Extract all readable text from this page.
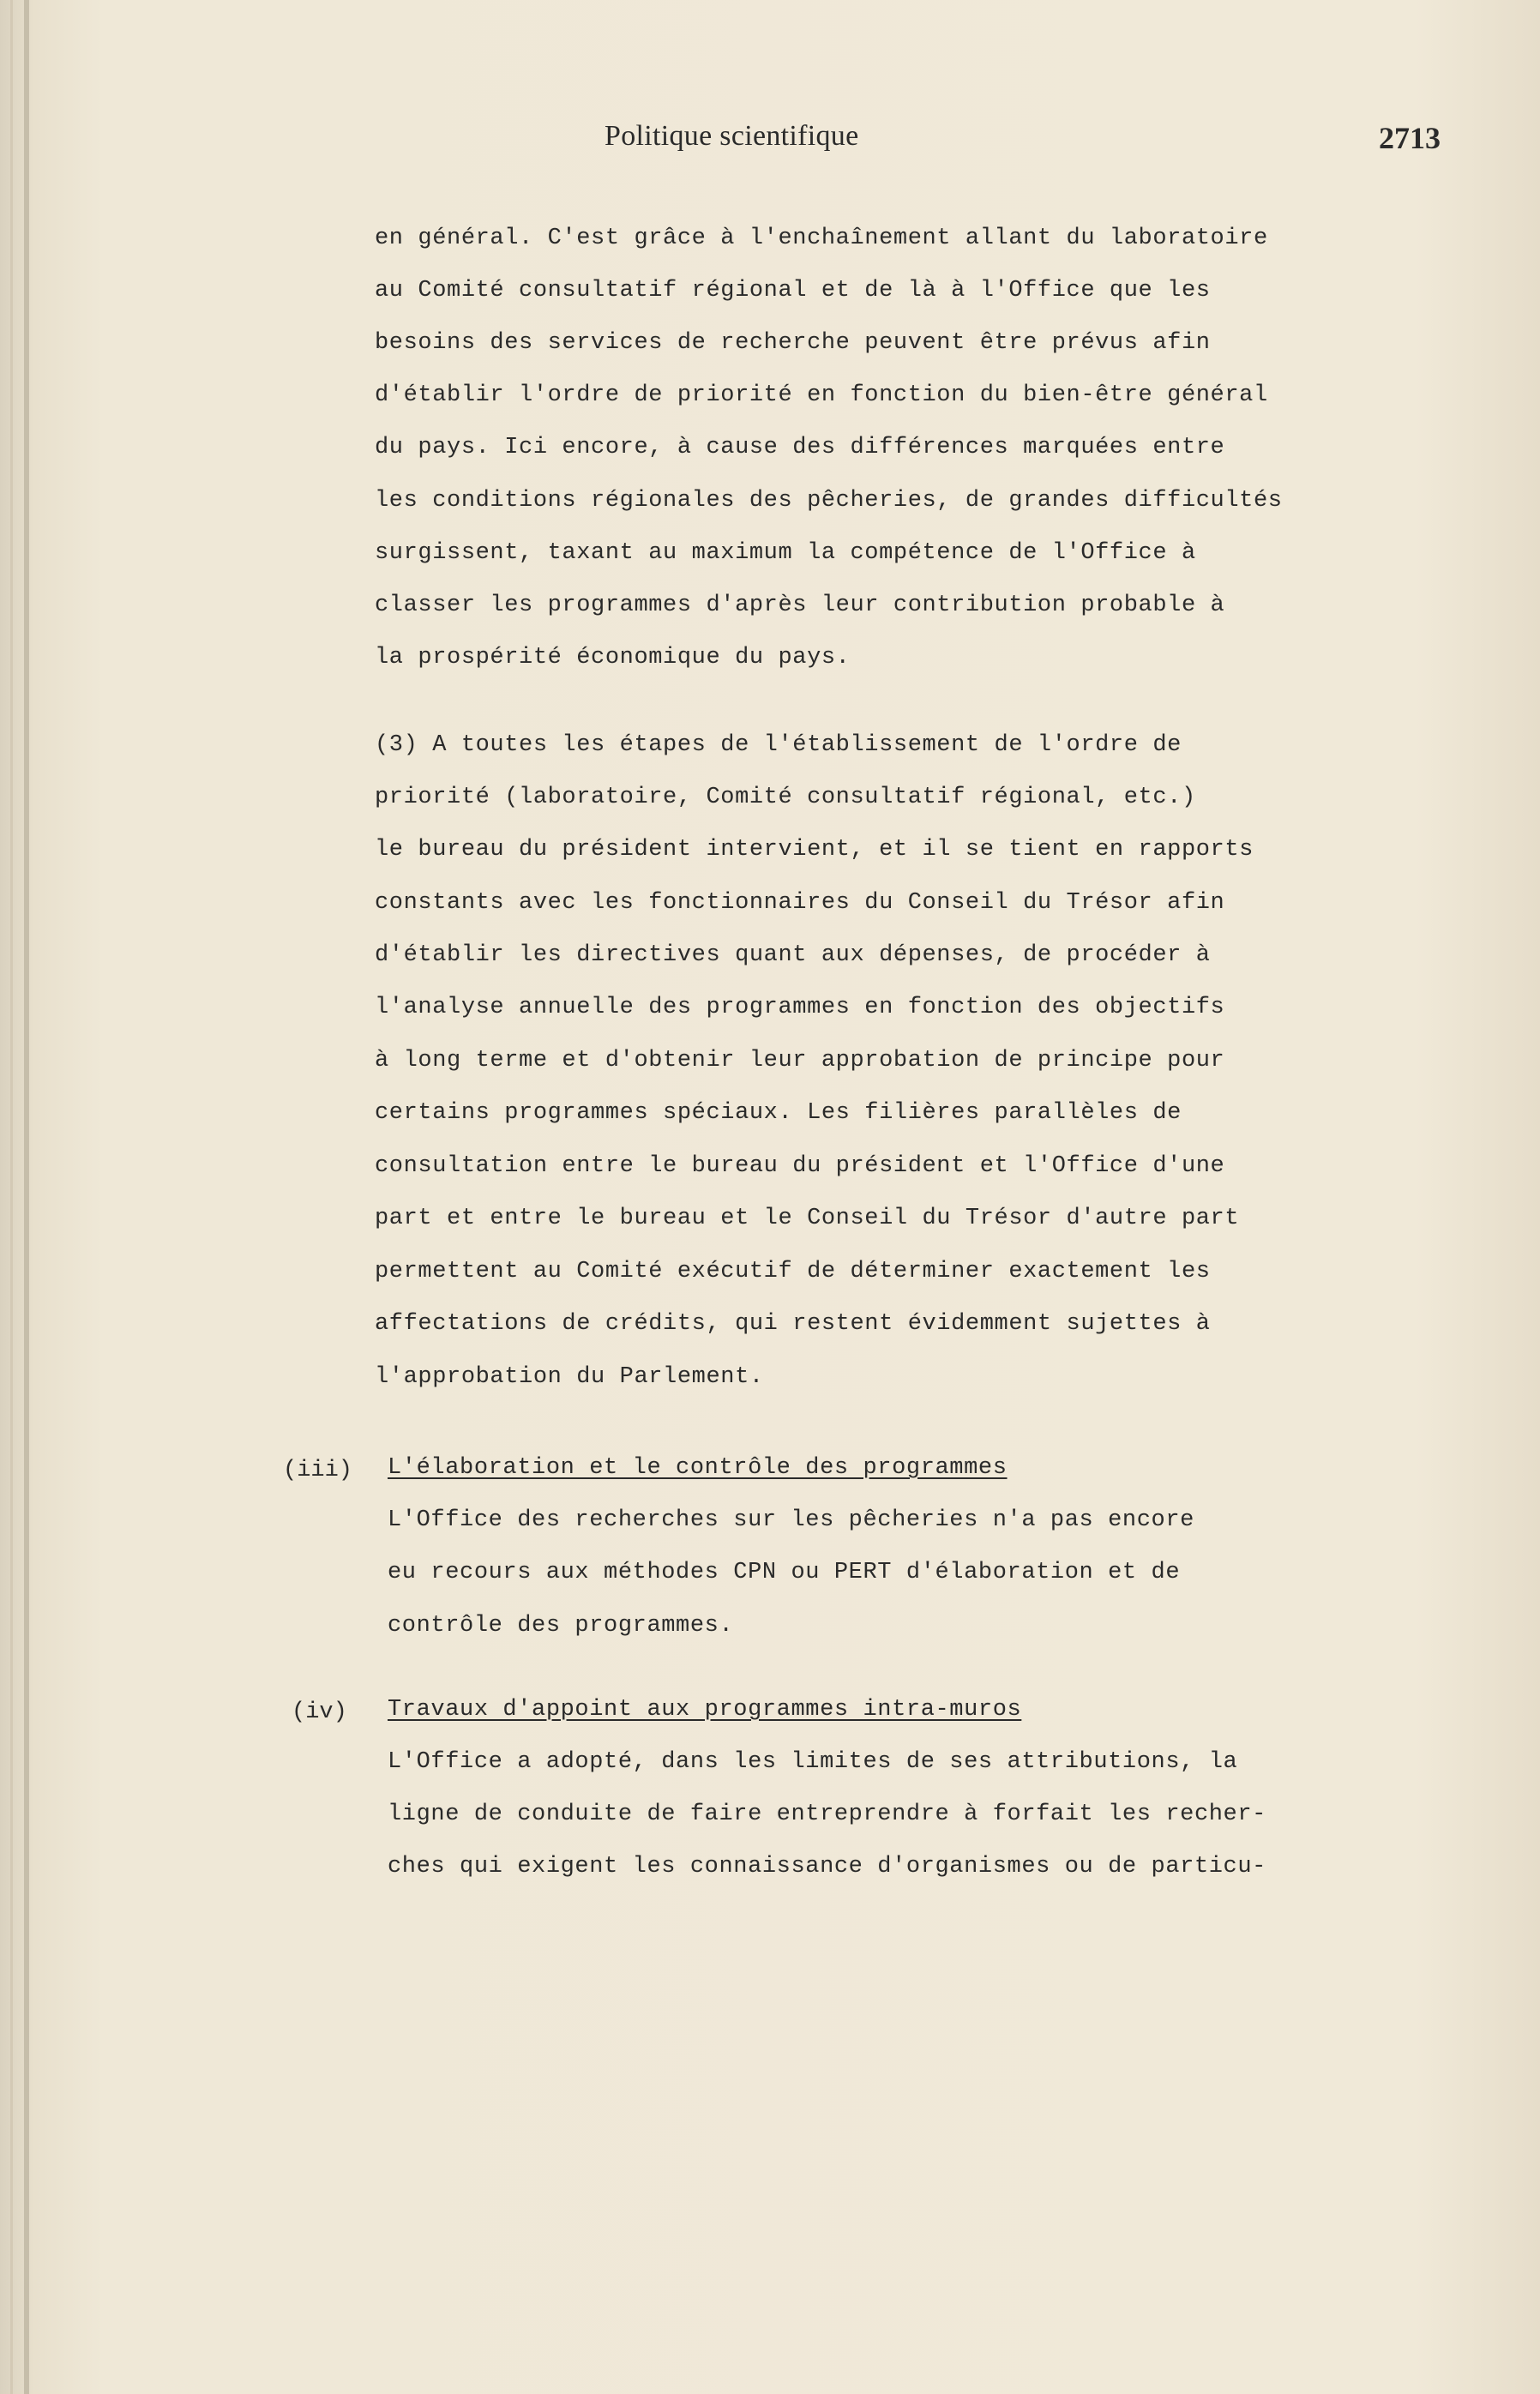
Politique scientifique	2713
en général. C'est grâce à l'enchaînement allant du laboratoire
au Comité consultatif régional et de là à l'Office que les
besoins des services de recherche peuvent être prévus afin
d'établir l'ordre de priorité en fonction du bien-être général
du pays. Ici encore, à cause des différences marquées entre
les conditions régionales des pêcheries, de grandes difficultés
surgissent, taxant au maximum la compétence de l'Office à
classer les programmes d'après leur contribution probable à
la prospérité économique du pays.
(3) A toutes les étapes de l'établissement de l'ordre de
priorité (laboratoire, Comité consultatif régional, etc.)
le bureau du président intervient, et il se tient en rapports
constants avec les fonctionnaires du Conseil du Trésor afin
d'établir les directives quant aux dépenses, de procéder à
l'analyse annuelle des programmes en fonction des objectifs
à long terme et d'obtenir leur approbation de principe pour
certains programmes spéciaux. Les filières parallèles de
consultation entre le bureau du président et l'Office d'une
part et entre le bureau et le Conseil du Trésor d'autre part
permettent au Comité exécutif de déterminer exactement les
affectations de crédits, qui restent évidemment sujettes à
l'approbation du Parlement.
(iii) L'élaboration et le contrôle des programmes
L'Office des recherches sur les pêcheries n'a pas encore
eu recours aux méthodes CPN ou PERT d'élaboration et de
contrôle des programmes.
(iv) Travaux d'appoint aux programmes intra-muros
L'Office a adopté, dans les limites de ses attributions, la
ligne de conduite de faire entreprendre à forfait les recher-
ches qui exigent les connaissance d'organismes ou de particu-
